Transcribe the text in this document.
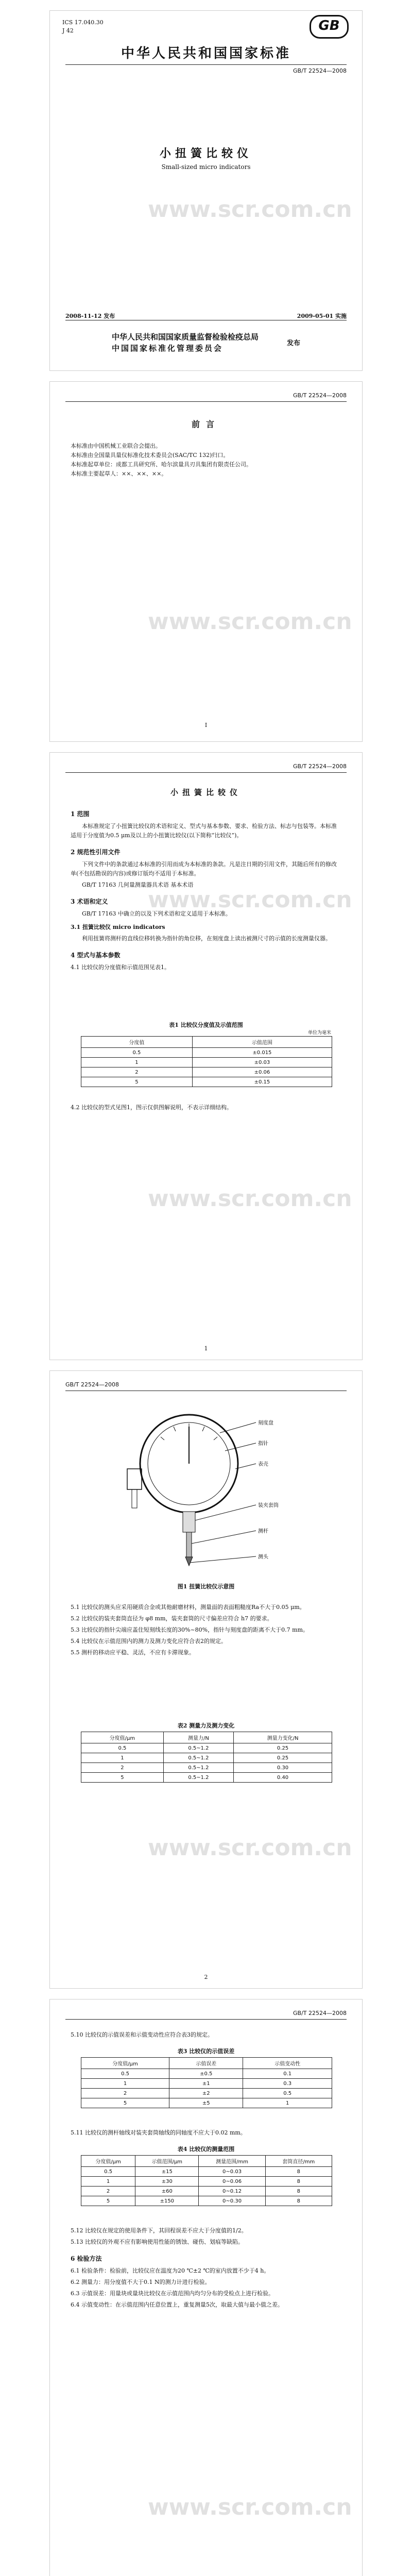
ICS 17.040.30
J 42	GB
中华人民共和国国家标准
GB/T 22524—2008
小扭簧比较仪
Small-sized micro indicators
www.scr.com.cn
2008-11-12 发布	2009-05-01 实施
中华人民共和国国家质量监督检验检疫总局
中国国家标准化管理委员会
发布
GB/T 22524—2008
前言
本标准由中国机械工业联合会提出。
本标准由全国量具量仪标准化技术委员会(SAC/TC 132)归口。
本标准起草单位：成都工具研究所、哈尔滨量具刃具集团有限责任公司。
本标准主要起草人：××、××、××。
www.scr.com.cn
I
GB/T 22524—2008
小扭簧比较仪
1 范围
本标准规定了小扭簧比较仪的术语和定义、型式与基本参数、要求、检验方法、标志与包装等。本标准适用于分度值为0.5 μm及以上的小扭簧比较仪(以下简称“比较仪”)。
2 规范性引用文件
下列文件中的条款通过本标准的引用而成为本标准的条款。凡是注日期的引用文件，其随后所有的修改单(不包括勘误的内容)或修订版均不适用于本标准。
GB/T 17163 几何量测量器具术语 基本术语
3 术语和定义
GB/T 17163 中确立的以及下列术语和定义适用于本标准。
3.1 扭簧比较仪 micro indicators
利用扭簧将测杆的直线位移转换为指针的角位移，在刻度盘上读出被测尺寸的示值的长度测量仪器。
4 型式与基本参数
4.1 比较仪的分度值和示值范围见表1。
表1 比较仪分度值及示值范围
单位为毫米
分度值	示值范围
0.5	±0.015
1	±0.03
2	±0.06
5	±0.15
4.2 比较仪的型式见图1，图示仅供图解说明，不表示详细结构。
www.scr.com.cn
www.scr.com.cn
1
GB/T 22524—2008
刻度盘
指针
表壳
装夹套筒
测杆
测头
图1 扭簧比较仪示意图
5.1 比较仪的测头应采用硬质合金或其他耐磨材料，测量面的表面粗糙度Ra不大于0.05 μm。
5.2 比较仪的装夹套筒直径为 φ8 mm，装夹套筒的尺寸偏差应符合 h7 的要求。
5.3 比较仪的指针尖端应盖住短刻线长度的30%~80%，指针与刻度盘的距离不大于0.7 mm。
5.4 比较仪在示值范围内的测力及测力变化应符合表2的规定。
5.5 测杆的移动应平稳、灵活，不应有卡滞现象。
表2 测量力及测力变化
分度值/μm	测量力/N	测量力变化/N
0.5	0.5~1.2	0.25
1	0.5~1.2	0.25
2	0.5~1.2	0.30
5	0.5~1.2	0.40
www.scr.com.cn
2
GB/T 22524—2008
5.10 比较仪的示值误差和示值变动性应符合表3的规定。
表3 比较仪的示值误差
分度值/μm	示值误差	示值变动性
0.5	±0.5	0.1
1	±1	0.3
2	±2	0.5
5	±5	1
5.11 比较仪的测杆轴线对装夹套筒轴线的同轴度不应大于0.02 mm。
表4 比较仪的测量范围
分度值/μm	示值范围/μm	测量范围/mm	套筒直径/mm
0.5	±15	0~0.03	8
1	±30	0~0.06	8
2	±60	0~0.12	8
5	±150	0~0.30	8
5.12 比较仪在规定的使用条件下，其回程误差不应大于分度值的1/2。
5.13 比较仪的外观不应有影响使用性能的锈蚀、碰伤、划痕等缺陷。
6 检验方法
6.1 检验条件：检验前，比较仪应在温度为20 ℃±2 ℃的室内放置不少于4 h。
6.2 测量力：用分度值不大于0.1 N的测力计进行检验。
6.3 示值误差：用量块或量块比较仪在示值范围内均匀分布的受检点上进行检验。
6.4 示值变动性：在示值范围内任意位置上，重复测量5次，取最大值与最小值之差。
www.scr.com.cn
